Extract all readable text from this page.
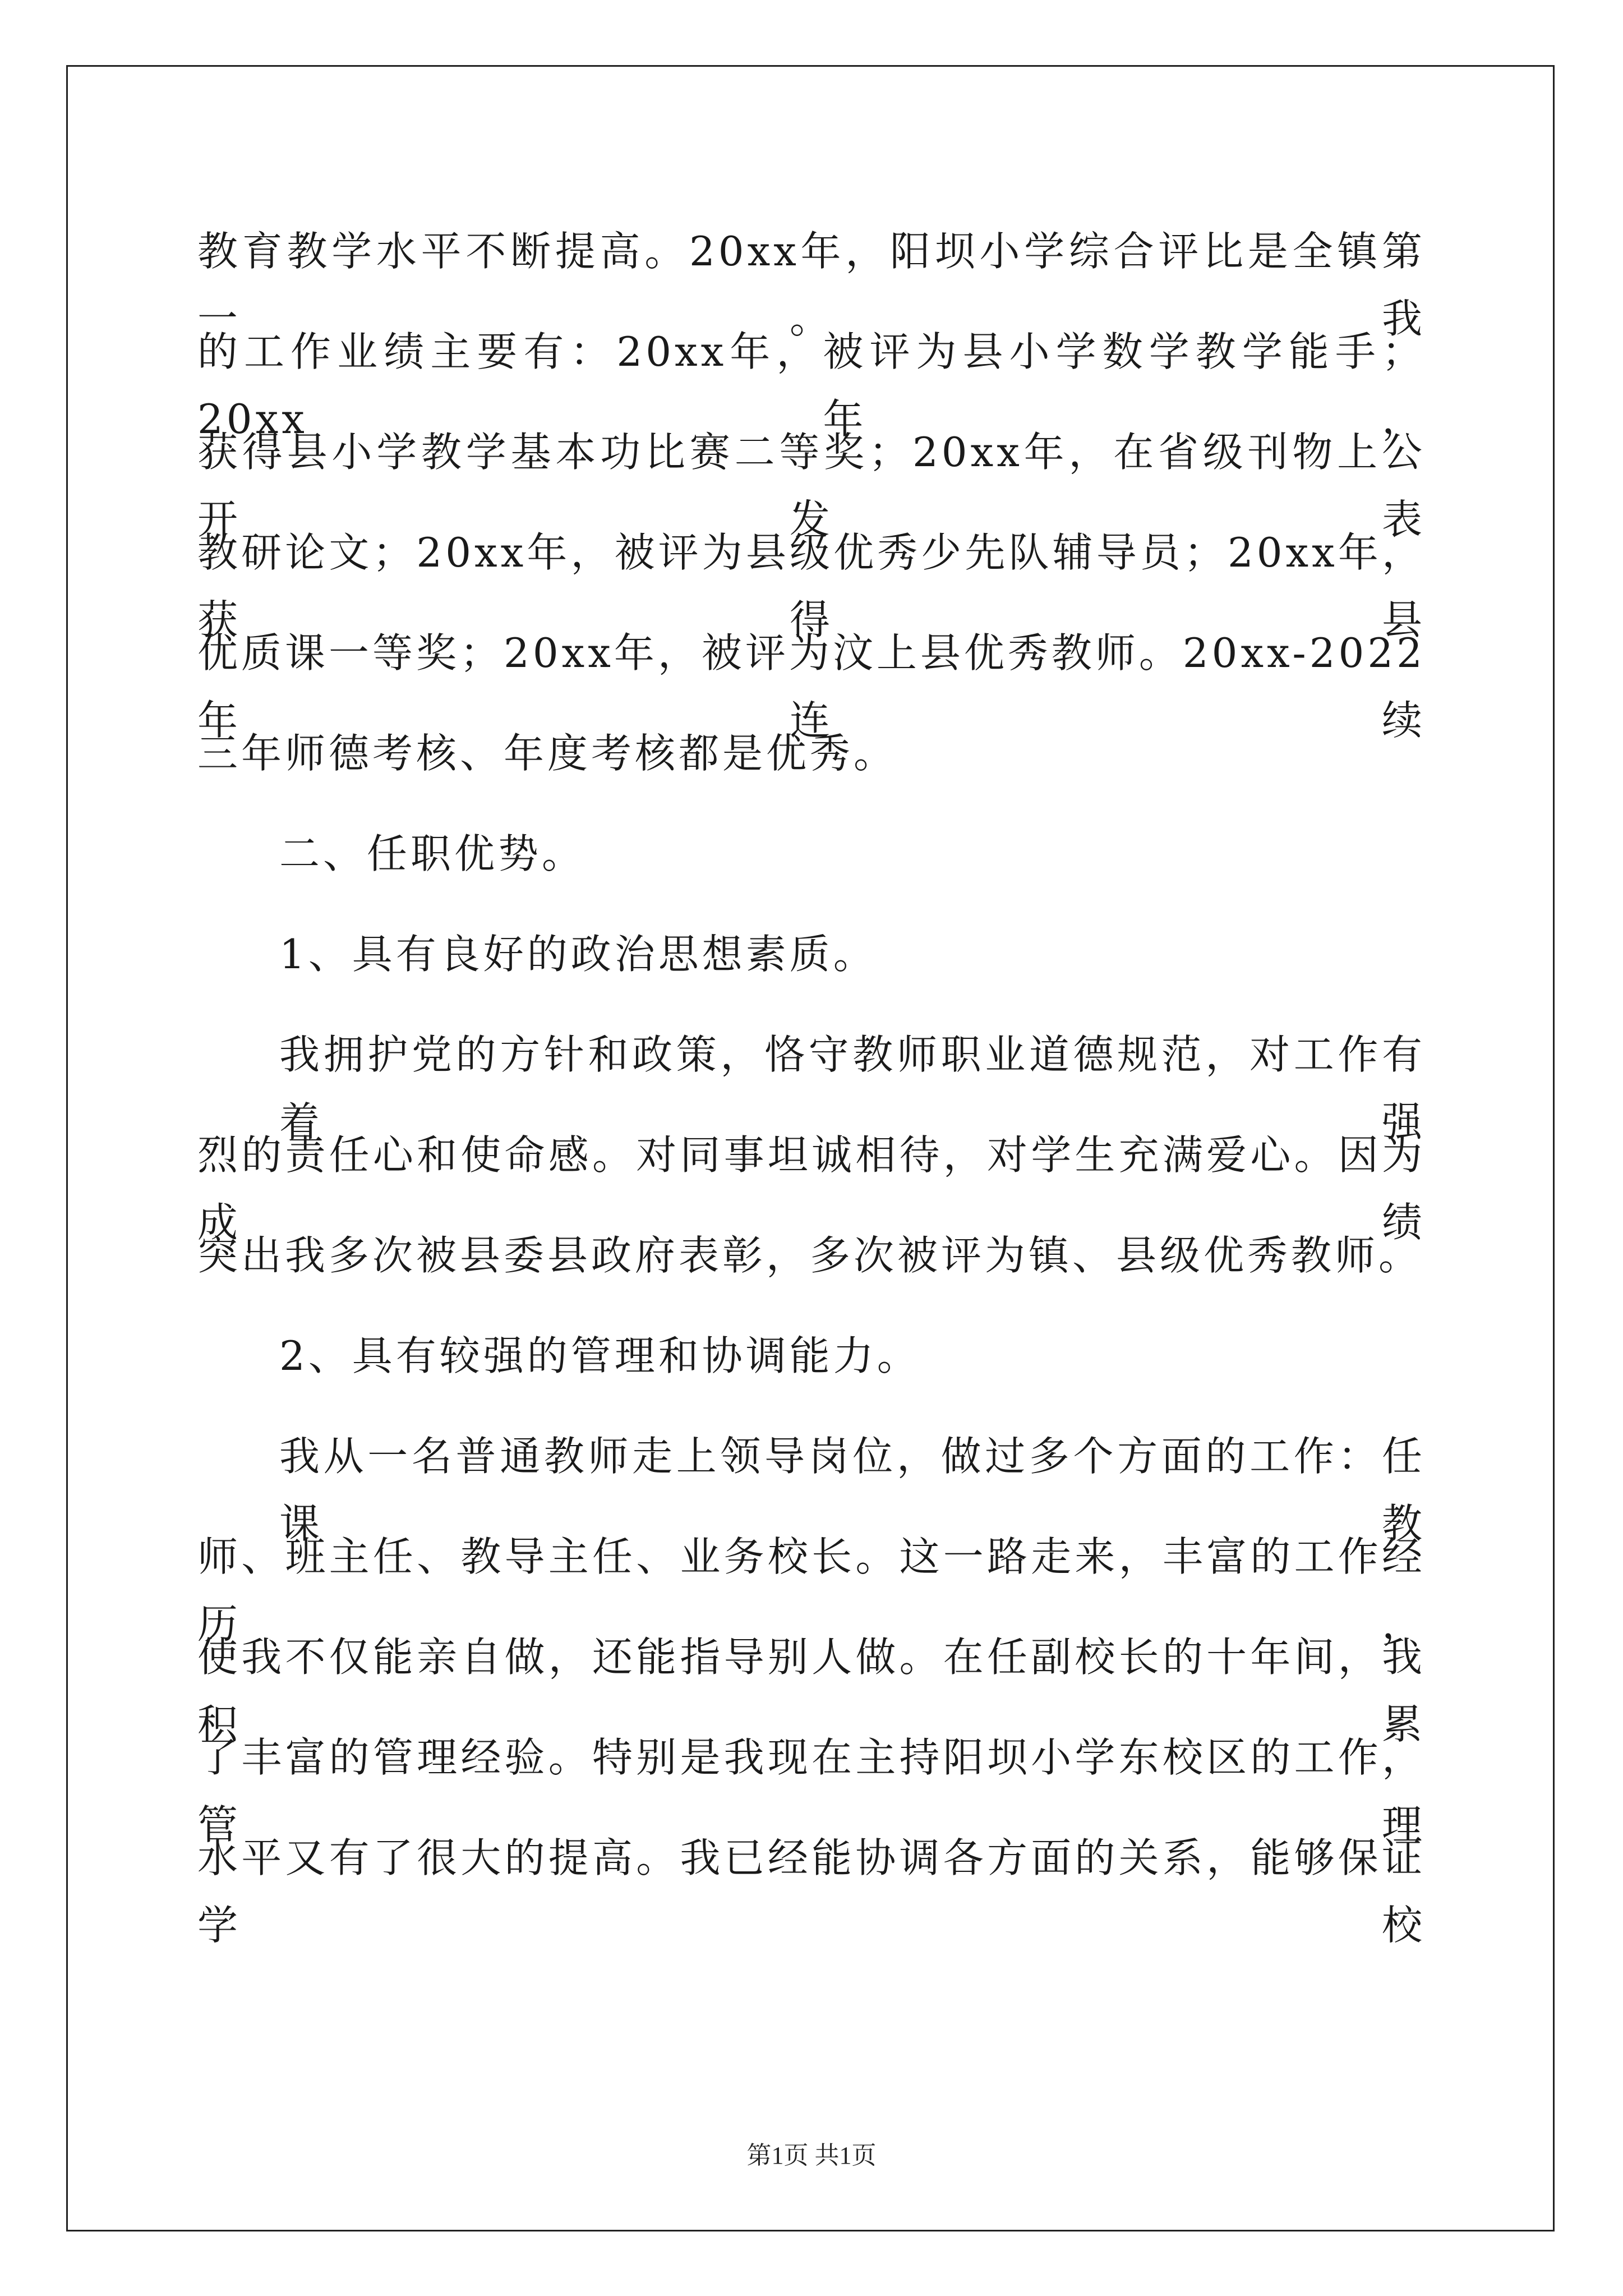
教育教学水平不断提高。20xx年，阳坝小学综合评比是全镇第一。我
的工作业绩主要有：20xx年，被评为县小学数学教学能手；20xx年，
获得县小学教学基本功比赛二等奖；20xx年，在省级刊物上公开发表
教研论文；20xx年，被评为县级优秀少先队辅导员；20xx年，获得县
优质课一等奖；20xx年，被评为汶上县优秀教师。20xx-2022年连续
三年师德考核、年度考核都是优秀。
二、任职优势。
1、具有良好的政治思想素质。
我拥护党的方针和政策，恪守教师职业道德规范，对工作有着强
烈的责任心和使命感。对同事坦诚相待，对学生充满爱心。因为成绩
突出我多次被县委县政府表彰，多次被评为镇、县级优秀教师。
2、具有较强的管理和协调能力。
我从一名普通教师走上领导岗位，做过多个方面的工作：任课教
师、班主任、教导主任、业务校长。这一路走来，丰富的工作经历，
使我不仅能亲自做，还能指导别人做。在任副校长的十年间，我积累
了丰富的管理经验。特别是我现在主持阳坝小学东校区的工作，管理
水平又有了很大的提高。我已经能协调各方面的关系，能够保证学校
第1页 共1页
